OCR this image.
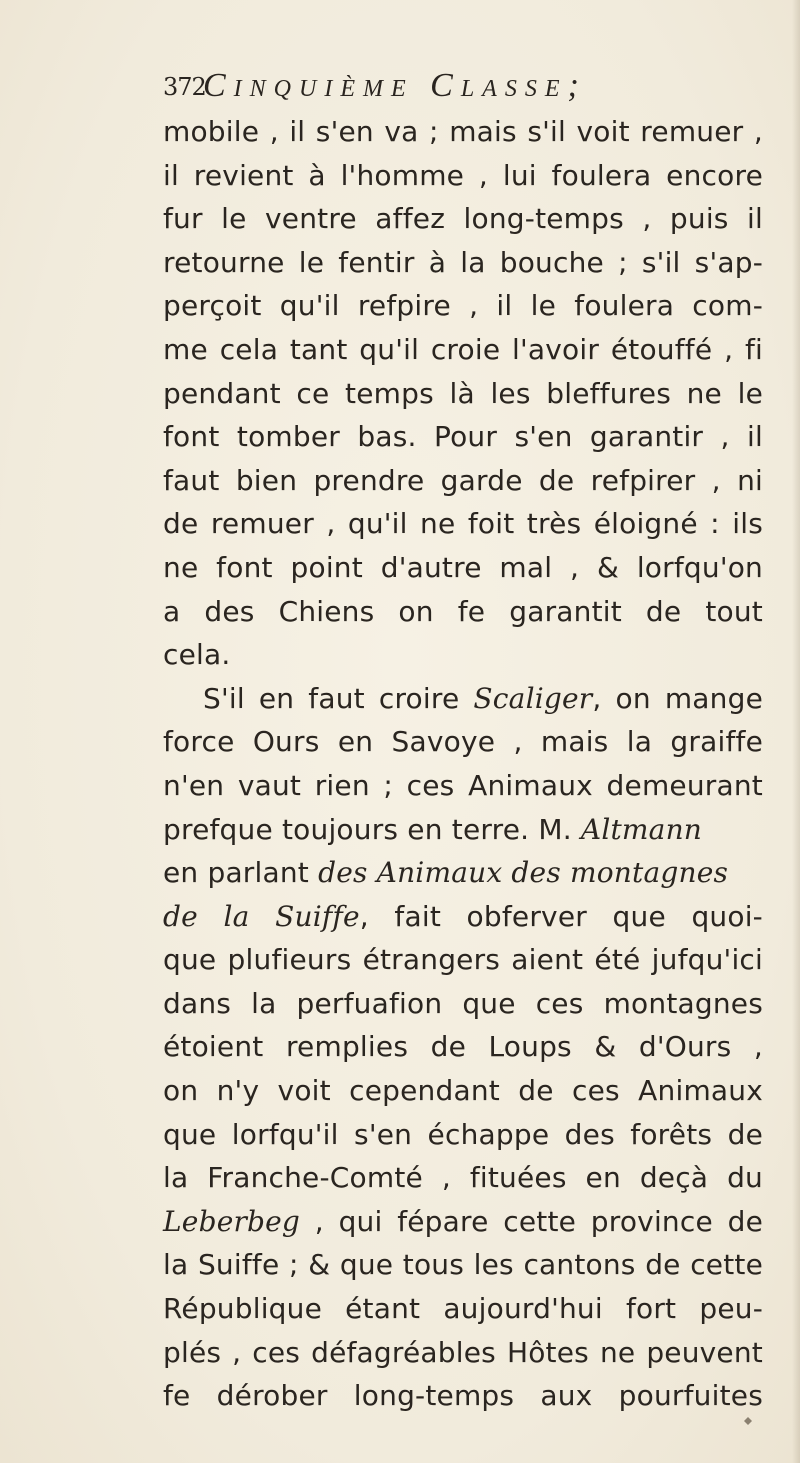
372
Cinquième Classe;
mobile , il s'en va ; mais s'il voit remuer ,
il revient à l'homme , lui foulera encore
fur le ventre affez long-temps , puis il
retourne le fentir à la bouche ; s'il s'ap-
perçoit qu'il refpire , il le foulera com-
me cela tant qu'il croie l'avoir étouffé , fi
pendant ce temps là les bleffures ne le
font tomber bas. Pour s'en garantir , il
faut bien prendre garde de refpirer , ni
de remuer , qu'il ne foit très éloigné : ils
ne font point d'autre mal , & lorfqu'on
a des Chiens on fe garantit de tout
cela.
S'il en faut croire Scaliger, on mange
force Ours en Savoye , mais la graiffe
n'en vaut rien ; ces Animaux demeurant
prefque toujours en terre. M. Altmann
en parlant des Animaux des montagnes
de la Suiffe, fait obferver que quoi-
que plufieurs étrangers aient été jufqu'ici
dans la perfuafion que ces montagnes
étoient remplies de Loups & d'Ours ,
on n'y voit cependant de ces Animaux
que lorfqu'il s'en échappe des forêts de
la Franche-Comté , fituées en deçà du
Leberbeg , qui fépare cette province de
la Suiffe ; & que tous les cantons de cette
République étant aujourd'hui fort peu-
plés , ces défagréables Hôtes ne peuvent
fe dérober long-temps aux pourfuites
